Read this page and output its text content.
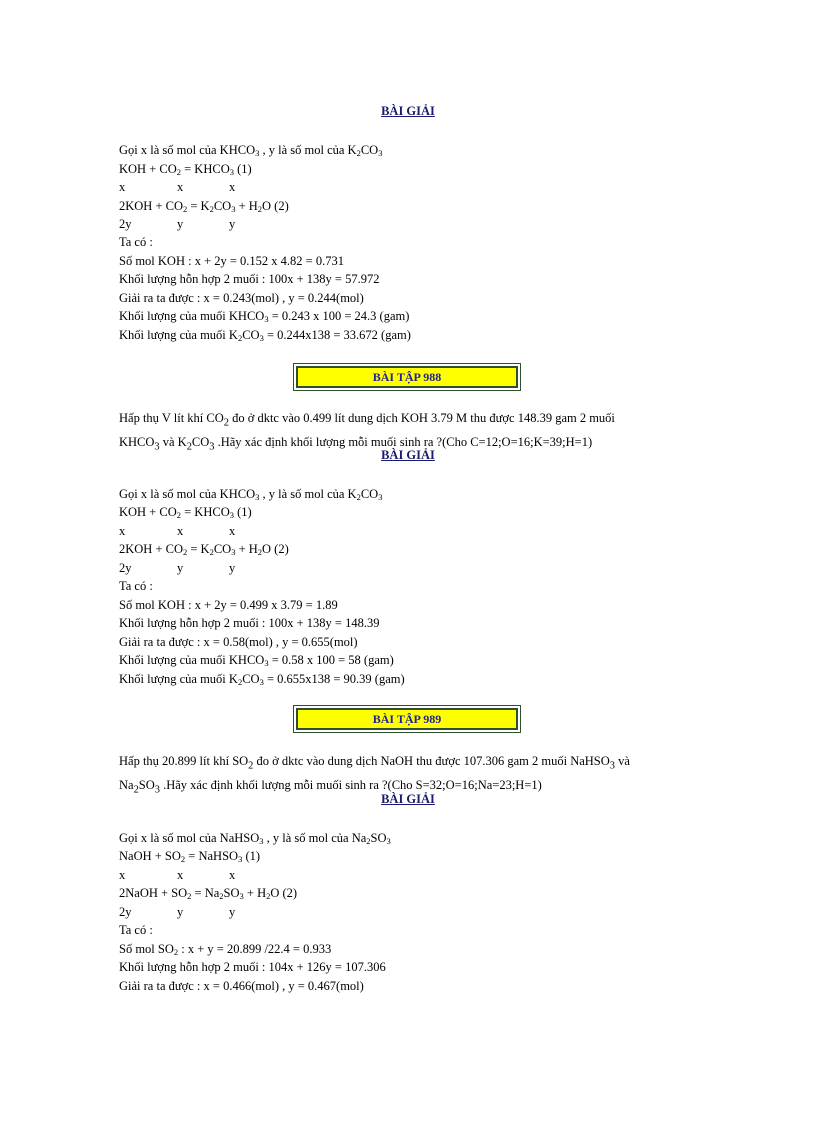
BÀI GIẢI
Gọi x là số mol của $KHCO_3$ , y là số mol của $K_2CO_3$
KOH + $CO_2$ = $KHCO_3$ (1)
x	x	x
$2KOH + CO_2 = K_2CO_3 + H_2O$ (2)
2y	y	y
Ta có :
Số mol KOH : x + 2y = 0.152 x 4.82 = 0.731
Khối lượng hỗn hợp 2 muối : 100x + 138y = 57.972
Giải ra ta được : x = 0.243(mol) , y = 0.244(mol)
Khối lượng của muối $KHCO_3 = 0.243$ x 100 = 24.3 (gam)
Khối lượng của muối $K_2CO_3 = 0.244x138 = 33.672$ (gam)
BÀI TẬP 988
Hấp thụ V lít khí $CO_2$ đo ở dktc vào 0.499 lít dung dịch KOH 3.79 M thu được 148.39 gam 2 muối
$KHCO_3$ và $K_2CO_3$ .Hãy xác định khối lượng mỗi muối sinh ra ?(Cho C=12;O=16;K=39;H=1)
BÀI GIẢI
Gọi x là số mol của $KHCO_3$ , y là số mol của $K_2CO_3$
KOH + $CO_2$ = $KHCO_3$ (1)
x	x	x
$2KOH + CO_2 = K_2CO_3 + H_2O$ (2)
2y	y	y
Ta có :
Số mol KOH : x + 2y = 0.499 x 3.79 = 1.89
Khối lượng hỗn hợp 2 muối : 100x + 138y = 148.39
Giải ra ta được : x = 0.58(mol) , y = 0.655(mol)
Khối lượng của muối $KHCO_3 = 0.58$ x 100 = 58 (gam)
Khối lượng của muối $K_2CO_3 = 0.655x138 = 90.39$ (gam)
BÀI TẬP 989
Hấp thụ 20.899 lít khí $SO_2$ đo ở dktc vào dung dịch NaOH thu được 107.306 gam 2 muối NaHSO$_3$ và
$Na_2SO_3$ .Hãy xác định khối lượng mỗi muối sinh ra ?(Cho S=32;O=16;Na=23;H=1)
BÀI GIẢI
Gọi x là số mol của NaHSO$_3$ , y là số mol của $Na_2SO_3$
NaOH + $SO_2$ = NaHSO$_3$ (1)
x	x	x
2NaOH + $SO_2 = Na_2SO_3 + H_2O$ (2)
2y	y	y
Ta có :
Số mol $SO_2$ : x + y = 20.899 /22.4 = 0.933
Khối lượng hỗn hợp 2 muối : 104x + 126y = 107.306
Giải ra ta được : x = 0.466(mol) , y = 0.467(mol)
